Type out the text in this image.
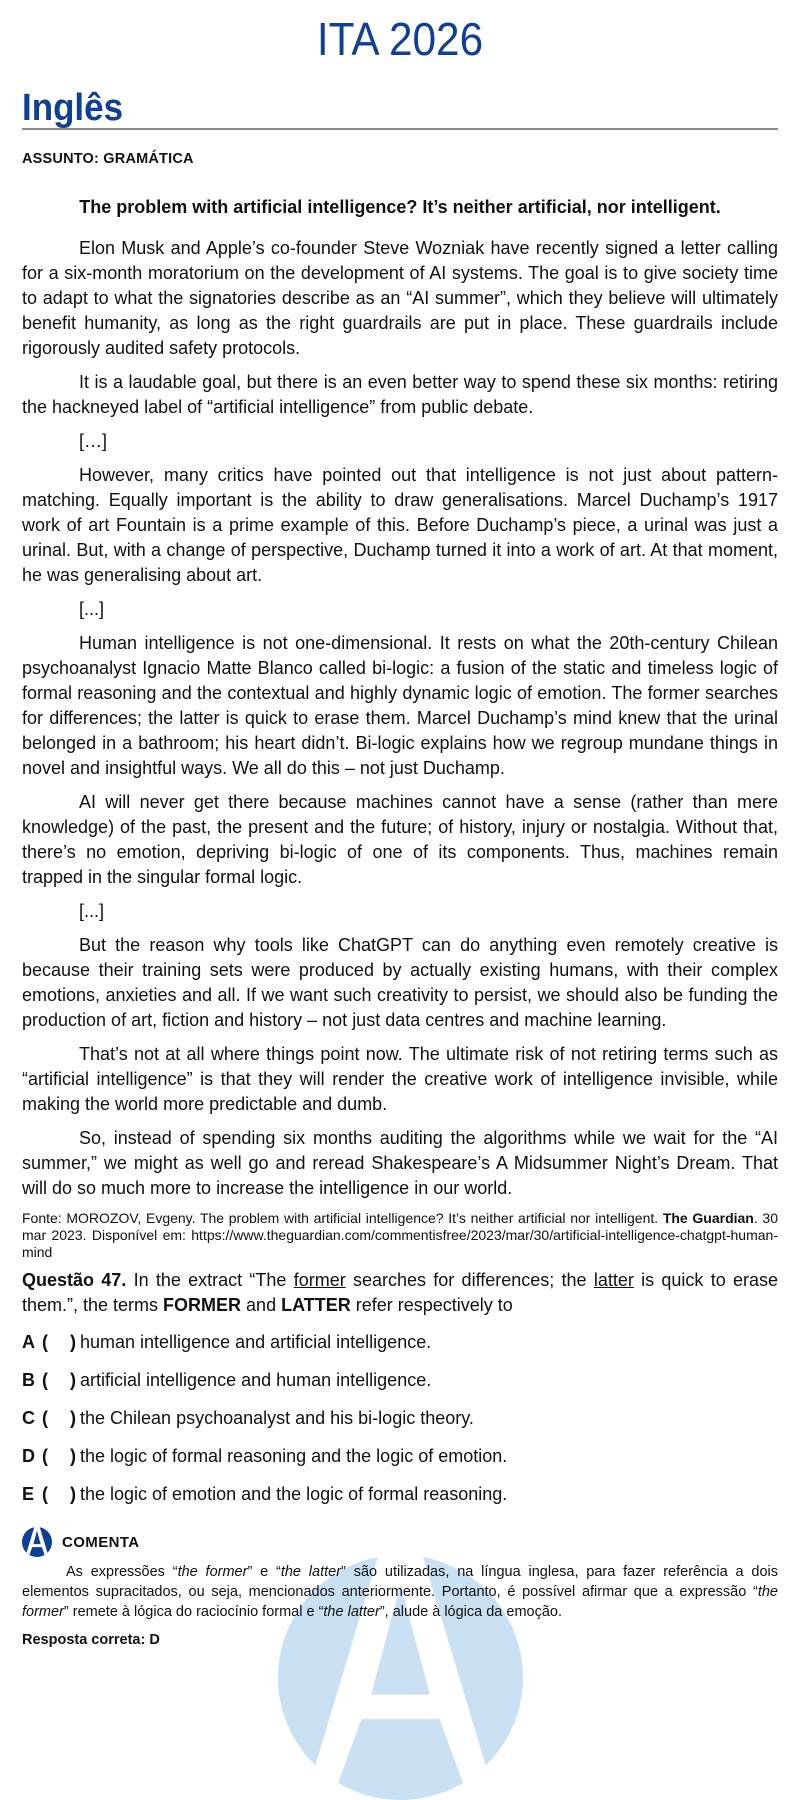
ITA 2026
Inglês
ASSUNTO: GRAMÁTICA
The problem with artificial intelligence? It’s neither artificial, nor intelligent.

Elon Musk and Apple’s co-founder Steve Wozniak have recently signed a letter calling for a six-month moratorium on the development of AI systems. The goal is to give society time to adapt to what the signatories describe as an “AI summer”, which they believe will ultimately benefit humanity, as long as the right guardrails are put in place. These guardrails include rigorously audited safety protocols.

It is a laudable goal, but there is an even better way to spend these six months: retiring the hackneyed label of “artificial intelligence” from public debate.

[…]

However, many critics have pointed out that intelligence is not just about pattern-matching. Equally important is the ability to draw generalisations. Marcel Duchamp’s 1917 work of art Fountain is a prime example of this. Before Duchamp’s piece, a urinal was just a urinal. But, with a change of perspective, Duchamp turned it into a work of art. At that moment, he was generalising about art.

[...]

Human intelligence is not one-dimensional. It rests on what the 20th-century Chilean psychoanalyst Ignacio Matte Blanco called bi-logic: a fusion of the static and timeless logic of formal reasoning and the contextual and highly dynamic logic of emotion. The former searches for differences; the latter is quick to erase them. Marcel Duchamp’s mind knew that the urinal belonged in a bathroom; his heart didn’t. Bi-logic explains how we regroup mundane things in novel and insightful ways. We all do this – not just Duchamp.

AI will never get there because machines cannot have a sense (rather than mere knowledge) of the past, the present and the future; of history, injury or nostalgia. Without that, there’s no emotion, depriving bi-logic of one of its components. Thus, machines remain trapped in the singular formal logic.

[...]

But the reason why tools like ChatGPT can do anything even remotely creative is because their training sets were produced by actually existing humans, with their complex emotions, anxieties and all. If we want such creativity to persist, we should also be funding the production of art, fiction and history – not just data centres and machine learning.

That’s not at all where things point now. The ultimate risk of not retiring terms such as “artificial intelligence” is that they will render the creative work of intelligence invisible, while making the world more predictable and dumb.

So, instead of spending six months auditing the algorithms while we wait for the “AI summer,” we might as well go and reread Shakespeare’s A Midsummer Night’s Dream. That will do so much more to increase the intelligence in our world.

Fonte: MOROZOV, Evgeny. The problem with artificial intelligence? It’s neither artificial nor intelligent. The Guardian. 30 mar 2023. Disponível em: https://www.theguardian.com/commentisfree/2023/mar/30/artificial-intelligence-chatgpt-human-mind
Questão 47. In the extract “The former searches for differences; the latter is quick to erase them.”, the terms FORMER and LATTER refer respectively to
A (	) human intelligence and artificial intelligence.
B (	) artificial intelligence and human intelligence.
C (	) the Chilean psychoanalyst and his bi-logic theory.
D (	) the logic of formal reasoning and the logic of emotion.
E (	) the logic of emotion and the logic of formal reasoning.
COMENTA

As expressões “the former” e “the latter” são utilizadas, na língua inglesa, para fazer referência a dois elementos supracitados, ou seja, mencionados anteriormente. Portanto, é possível afirmar que a expressão “the former” remete à lógica do raciocínio formal e “the latter”, alude à lógica da emoção.

Resposta correta: D
